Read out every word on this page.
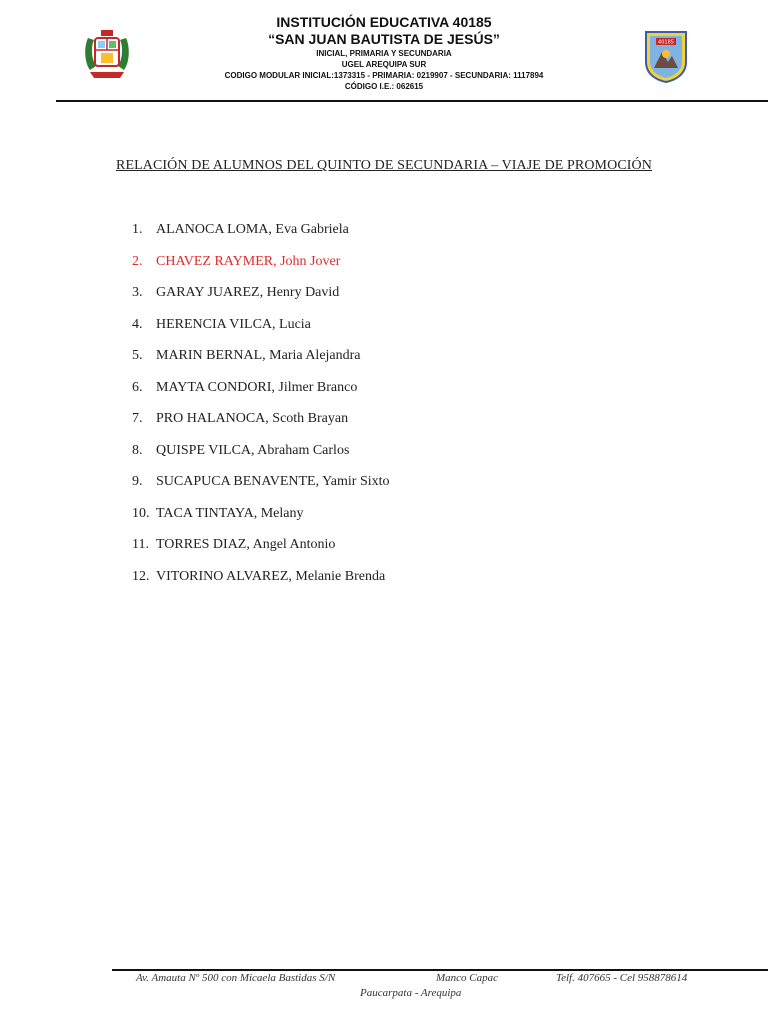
INSTITUCIÓN EDUCATIVA 40185
“SAN JUAN BAUTISTA DE JESÚS”
INICIAL, PRIMARIA Y SECUNDARIA
UGEL AREQUIPA SUR
CODIGO MODULAR INICIAL:1373315 - PRIMARIA: 0219907 - SECUNDARIA: 1117894
CÓDIGO I.E.: 062615
40185
RELACIÓN DE ALUMNOS DEL QUINTO DE SECUNDARIA – VIAJE DE PROMOCIÓN
1. ALANOCA LOMA, Eva Gabriela
2. CHAVEZ RAYMER, John Jover
3. GARAY JUAREZ, Henry David
4. HERENCIA VILCA, Lucia
5. MARIN BERNAL, Maria Alejandra
6. MAYTA CONDORI, Jilmer Branco
7. PRO HALANOCA, Scoth Brayan
8. QUISPE VILCA, Abraham Carlos
9. SUCAPUCA BENAVENTE, Yamir Sixto
10. TACA TINTAYA, Melany
11. TORRES DIAZ, Angel Antonio
12. VITORINO ALVAREZ, Melanie Brenda
Av. Amauta Nº 500 con Micaela Bastidas S/N	Manco Capac	Telf. 407665 - Cel 958878614
Paucarpata - Arequipa
